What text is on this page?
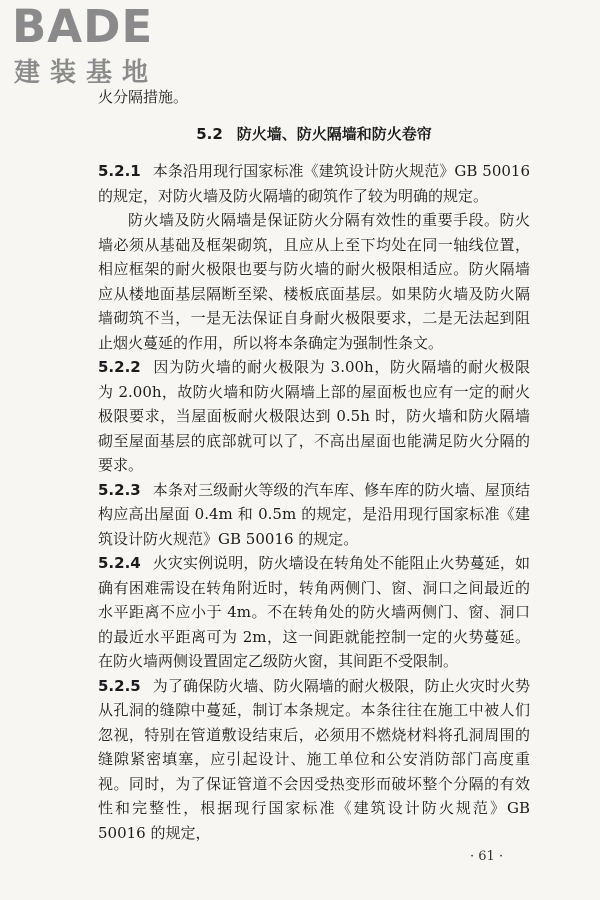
BADE
建装基地

火分隔措施。

5.2 防火墙、防火隔墙和防火卷帘

5.2.1 本条沿用现行国家标准《建筑设计防火规范》GB 50016 的规定，对防火墙及防火隔墙的砌筑作了较为明确的规定。

防火墙及防火隔墙是保证防火分隔有效性的重要手段。防火墙必须从基础及框架砌筑，且应从上至下均处在同一轴线位置，相应框架的耐火极限也要与防火墙的耐火极限相适应。防火隔墙应从楼地面基层隔断至梁、楼板底面基层。如果防火墙及防火隔墙砌筑不当，一是无法保证自身耐火极限要求，二是无法起到阻止烟火蔓延的作用，所以将本条确定为强制性条文。

5.2.2 因为防火墙的耐火极限为 3.00h，防火隔墙的耐火极限为 2.00h，故防火墙和防火隔墙上部的屋面板也应有一定的耐火极限要求，当屋面板耐火极限达到 0.5h 时，防火墙和防火隔墙砌至屋面基层的底部就可以了，不高出屋面也能满足防火分隔的要求。

5.2.3 本条对三级耐火等级的汽车库、修车库的防火墙、屋顶结构应高出屋面 0.4m 和 0.5m 的规定，是沿用现行国家标准《建筑设计防火规范》GB 50016 的规定。

5.2.4 火灾实例说明，防火墙设在转角处不能阻止火势蔓延，如确有困难需设在转角附近时，转角两侧门、窗、洞口之间最近的水平距离不应小于 4m。不在转角处的防火墙两侧门、窗、洞口的最近水平距离可为 2m，这一间距就能控制一定的火势蔓延。在防火墙两侧设置固定乙级防火窗，其间距不受限制。

5.2.5 为了确保防火墙、防火隔墙的耐火极限，防止火灾时火势从孔洞的缝隙中蔓延，制订本条规定。本条往往在施工中被人们忽视，特别在管道敷设结束后，必须用不燃烧材料将孔洞周围的缝隙紧密填塞，应引起设计、施工单位和公安消防部门高度重视。同时，为了保证管道不会因受热变形而破坏整个分隔的有效性和完整性，根据现行国家标准《建筑设计防火规范》GB 50016 的规定，

· 61 ·
